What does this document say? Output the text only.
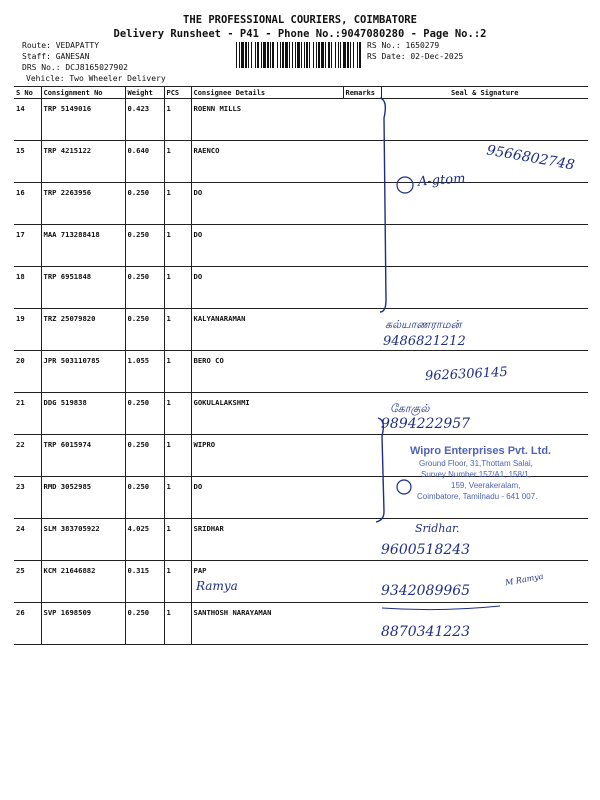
THE PROFESSIONAL COURIERS, COIMBATORE
Delivery Runsheet - P41 - Phone No.:9047080280 - Page No.:2
Route: VEDAPATTY
Staff: GANESAN
DRS No.: DCJ8165027902
Vehicle: Two Wheeler Delivery
RS No.: 1650279
RS Date: 02-Dec-2025
S No	Consignment No	Weight	PCS	Consignee Details	Remarks	Seal & Signature
14	TRP 5149016	0.423	1	ROENN MILLS		
15	TRP 4215122	0.640	1	RAENCO		
16	TRP 2263956	0.250	1	DO		
17	MAA 713288418	0.250	1	DO		
18	TRP 6951848	0.250	1	DO		
19	TRZ 25079820	0.250	1	KALYANARAMAN		
20	JPR 503110785	1.055	1	BERO CO		
21	DDG 519838	0.250	1	GOKULALAKSHMI		
22	TRP 6015974	0.250	1	WIPRO		
23	RMD 3052985	0.250	1	DO		
24	SLM 383705922	4.025	1	SRIDHAR		
25	KCM 21646882	0.315	1	PAP		
26	SVP 1698509	0.250	1	SANTHOSH NARAYAMAN		
9566802748
A-gtom
கல்யாணராமன்
9486821212
9626306145
கோகுல்
9894222957
Wipro Enterprises Pvt. Ltd.
Ground Floor, 31,Thottam Salai,
Survey Number 157/A1, 158/1,
159, Veerakeralam,
Coimbatore, Tamilnadu - 641 007.
Sridhar.
9600518243
Ramya	9342089965
M Ramya
8870341223
